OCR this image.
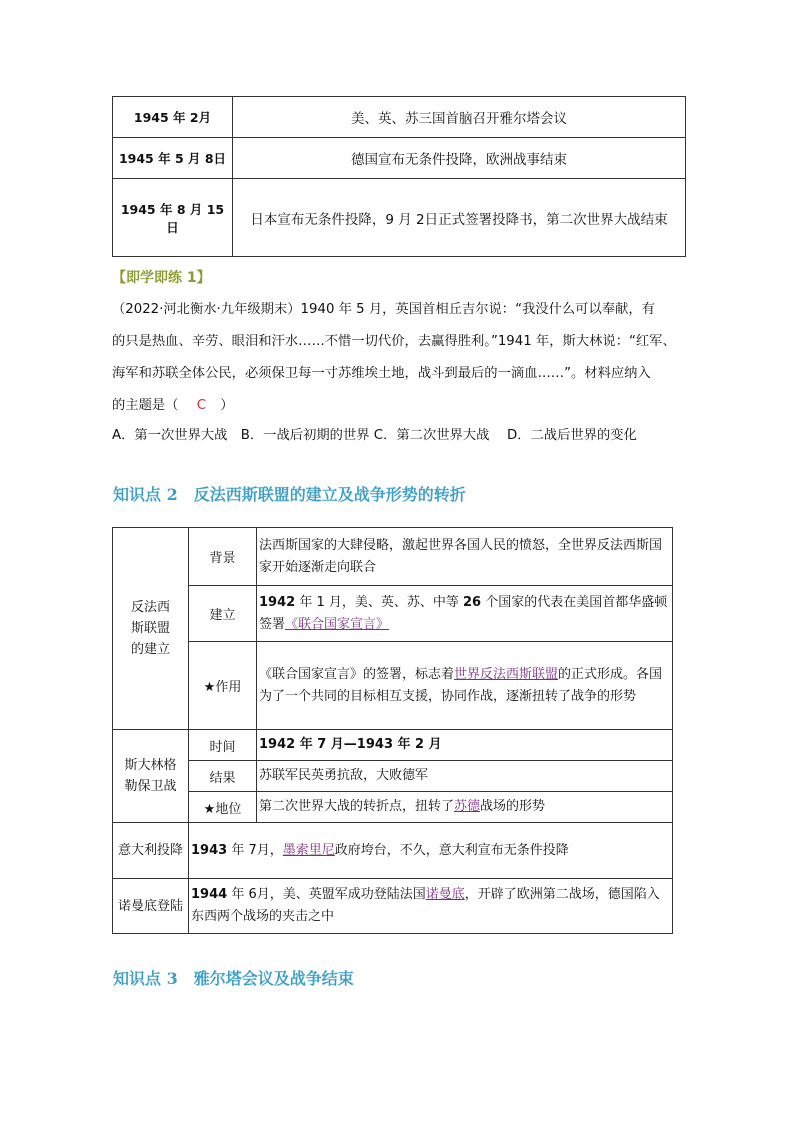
1945 年 2月	美、英、苏三国首脑召开雅尔塔会议
1945 年 5 月 8日	德国宣布无条件投降，欧洲战事结束
1945 年 8 月 15 日	日本宣布无条件投降，9 月 2日正式签署投降书，第二次世界大战结束
【即学即练 1】
（2022·河北衡水·九年级期末）1940 年 5 月，英国首相丘吉尔说：“我没什么可以奉献，有
的只是热血、辛劳、眼泪和汗水……不惜一切代价，去赢得胜利。”1941 年，斯大林说：“红军、
海军和苏联全体公民，必须保卫每一寸苏维埃土地，战斗到最后的一滴血……”。材料应纳入
的主题是（ C ）
A．第一次世界大战　B．一战后初期的世界 C．第二次世界大战　 D．二战后世界的变化
知识点 2　反法西斯联盟的建立及战争形势的转折
反法西斯联盟的建立	背景	法西斯国家的大肆侵略，激起世界各国人民的愤怒，全世界反法西斯国家开始逐渐走向联合
	建立	1942 年 1 月，美、英、苏、中等 26 个国家的代表在美国首都华盛顿签署《联合国家宣言》
	★作用	《联合国家宣言》的签署，标志着世界反法西斯联盟的正式形成。各国为了一个共同的目标相互支援，协同作战，逐渐扭转了战争的形势

斯大林格勒保卫战	时间	1942 年 7 月—1943 年 2 月
	结果	苏联军民英勇抗敌，大败德军
	★地位	第二次世界大战的转折点，扭转了苏德战场的形势
意大利投降	1943 年 7月，墨索里尼政府垮台，不久，意大利宣布无条件投降	
诺曼底登陆	1944 年 6月，美、英盟军成功登陆法国诺曼底，开辟了欧洲第二战场，德国陷入东西两个战场的夹击之中	
知识点 3　雅尔塔会议及战争结束
